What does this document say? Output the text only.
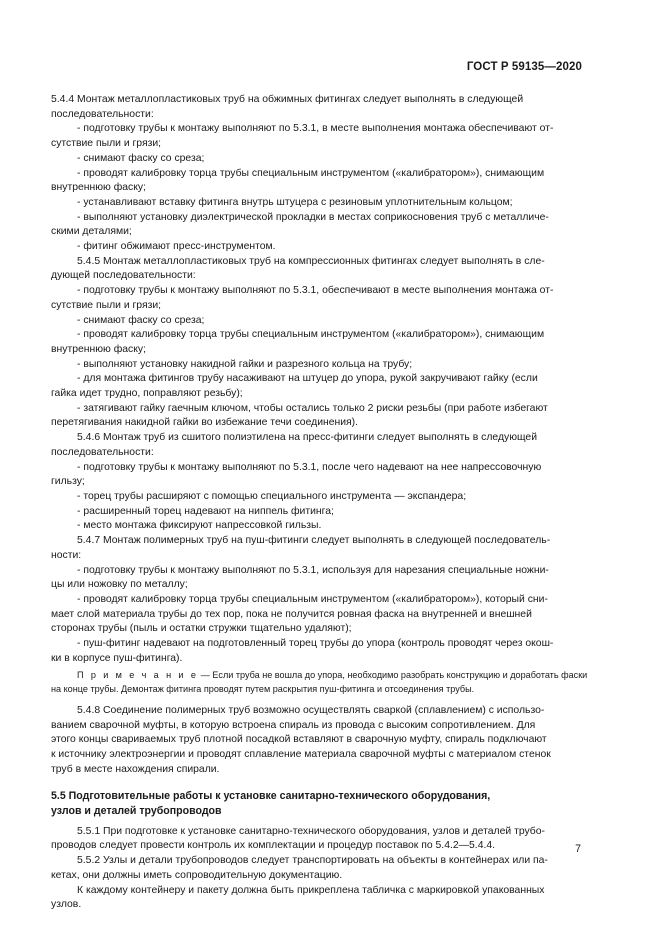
ГОСТ Р 59135—2020
5.4.4 Монтаж металлопластиковых труб на обжимных фитингах следует выполнять в следующей
последовательности:
- подготовку трубы к монтажу выполняют по 5.3.1, в месте выполнения монтажа обеспечивают от-
сутствие пыли и грязи;
- снимают фаску со среза;
- проводят калибровку торца трубы специальным инструментом («калибратором»), снимающим
внутреннюю фаску;
- устанавливают вставку фитинга внутрь штуцера с резиновым уплотнительным кольцом;
- выполняют установку диэлектрической прокладки в местах соприкосновения труб с металличе-
скими деталями;
- фитинг обжимают пресс-инструментом.
5.4.5 Монтаж металлопластиковых труб на компрессионных фитингах следует выполнять в сле-
дующей последовательности:
- подготовку трубы к монтажу выполняют по 5.3.1, обеспечивают в месте выполнения монтажа от-
сутствие пыли и грязи;
- снимают фаску со среза;
- проводят калибровку торца трубы специальным инструментом («калибратором»), снимающим
внутреннюю фаску;
- выполняют установку накидной гайки и разрезного кольца на трубу;
- для монтажа фитингов трубу насаживают на штуцер до упора, рукой закручивают гайку (если
гайка идет трудно, поправляют резьбу);
- затягивают гайку гаечным ключом, чтобы остались только 2 риски резьбы (при работе избегают
перетягивания накидной гайки во избежание течи соединения).
5.4.6 Монтаж труб из сшитого полиэтилена на пресс-фитинги следует выполнять в следующей
последовательности:
- подготовку трубы к монтажу выполняют по 5.3.1, после чего надевают на нее напрессовочную
гильзу;
- торец трубы расширяют с помощью специального инструмента — экспандера;
- расширенный торец надевают на ниппель фитинга;
- место монтажа фиксируют напрессовкой гильзы.
5.4.7 Монтаж полимерных труб на пуш-фитинги следует выполнять в следующей последователь-
ности:
- подготовку трубы к монтажу выполняют по 5.3.1, используя для нарезания специальные ножни-
цы или ножовку по металлу;
- проводят калибровку торца трубы специальным инструментом («калибратором»), который сни-
мает слой материала трубы до тех пор, пока не получится ровная фаска на внутренней и внешней
сторонах трубы (пыль и остатки стружки тщательно удаляют);
- пуш-фитинг надевают на подготовленный торец трубы до упора (контроль проводят через окош-
ки в корпусе пуш-фитинга).
П р и м е ч а н и е — Если труба не вошла до упора, необходимо разобрать конструкцию и доработать фаски
на конце трубы. Демонтаж фитинга проводят путем раскрытия пуш-фитинга и отсоединения трубы.
5.4.8 Соединение полимерных труб возможно осуществлять сваркой (сплавлением) с использо-
ванием сварочной муфты, в которую встроена спираль из провода с высоким сопротивлением. Для
этого концы свариваемых труб плотной посадкой вставляют в сварочную муфту, спираль подключают
к источнику электроэнергии и проводят сплавление материала сварочной муфты с материалом стенок
труб в месте нахождения спирали.
5.5 Подготовительные работы к установке санитарно-технического оборудования,
узлов и деталей трубопроводов
5.5.1 При подготовке к установке санитарно-технического оборудования, узлов и деталей трубо-
проводов следует провести контроль их комплектации и процедур поставок по 5.4.2—5.4.4.
5.5.2 Узлы и детали трубопроводов следует транспортировать на объекты в контейнерах или па-
кетах, они должны иметь сопроводительную документацию.
К каждому контейнеру и пакету должна быть прикреплена табличка с маркировкой упакованных
узлов.
7
